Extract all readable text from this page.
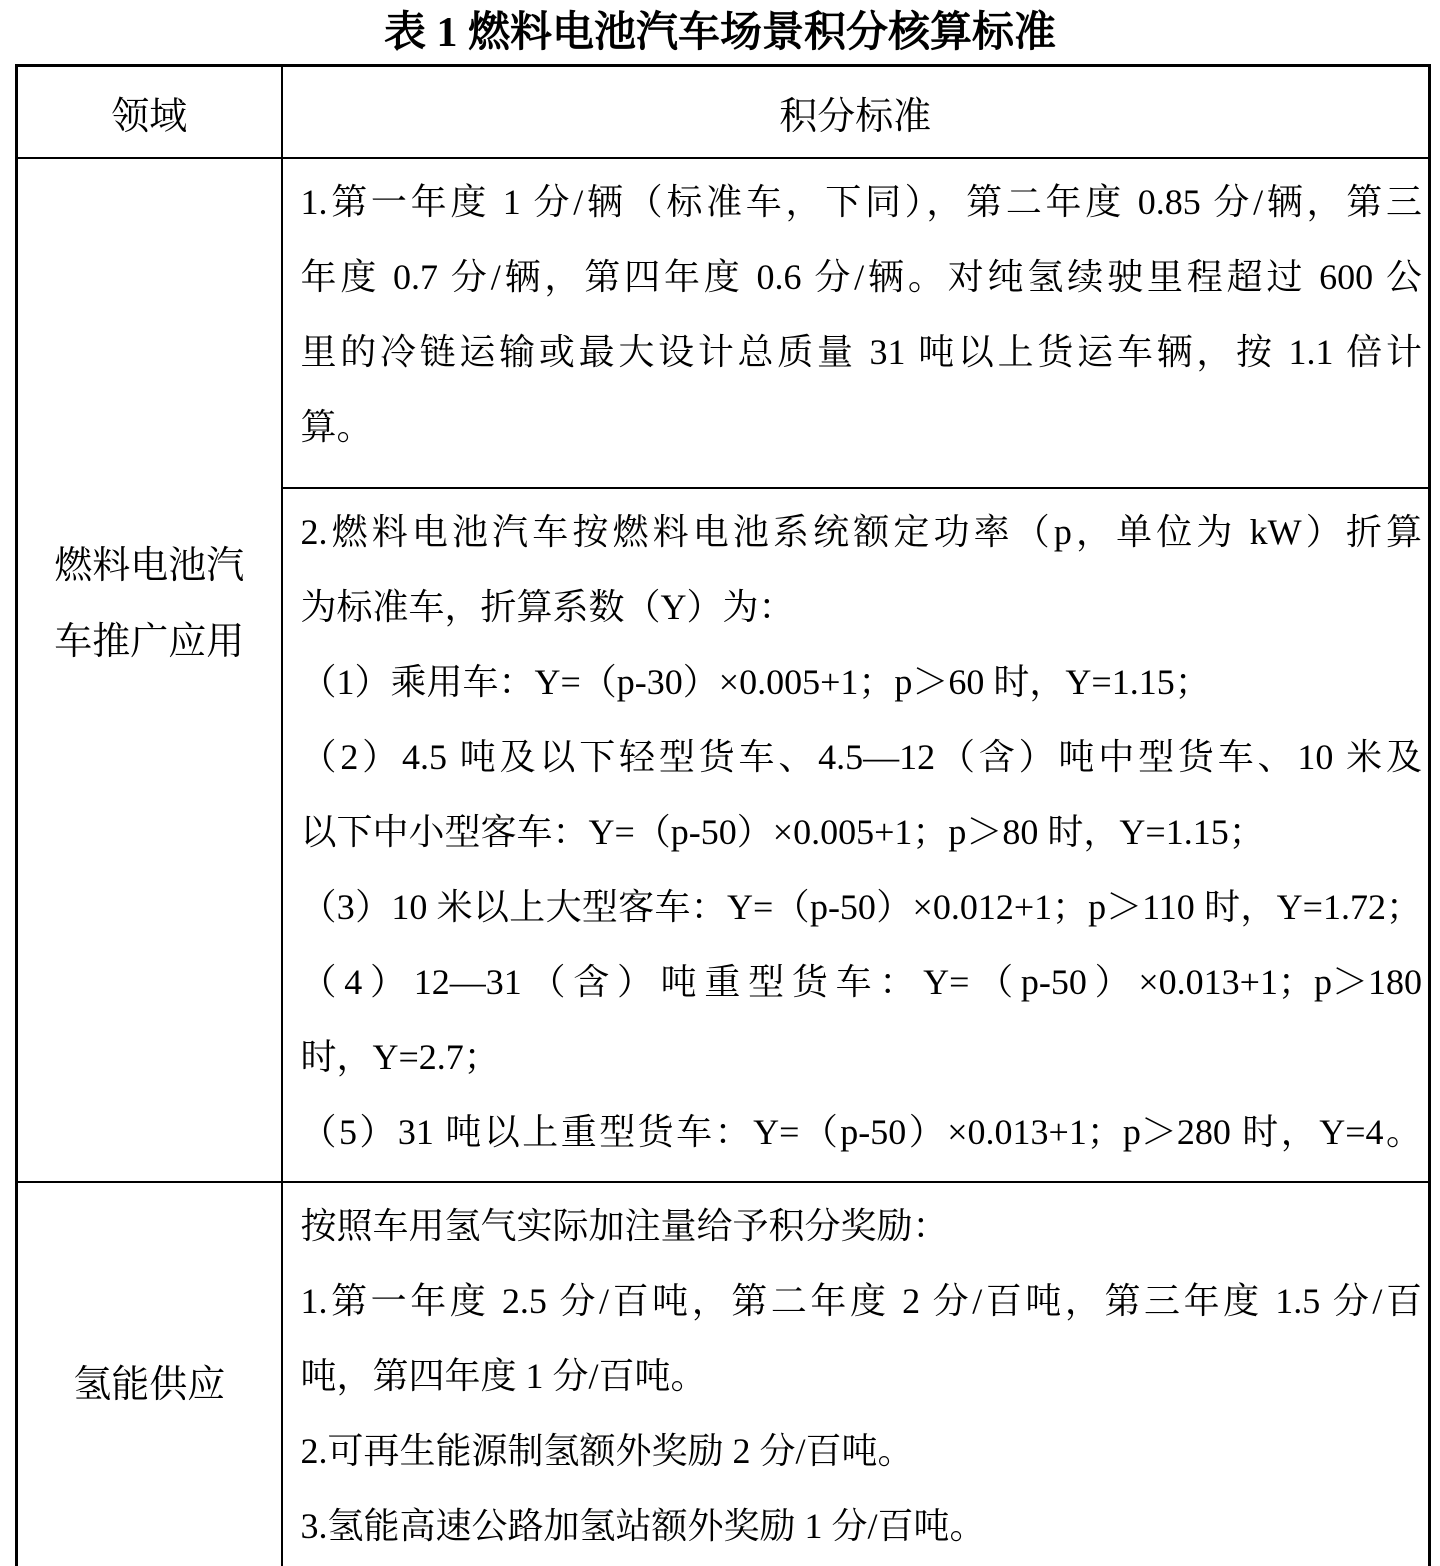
表 1 燃料电池汽车场景积分核算标准
领域	积分标准
燃料电池汽车推广应用	1.第一年度 1 分/辆（标准车，下同），第二年度 0.85 分/辆，第三
年度 0.7 分/辆，第四年度 0.6 分/辆。对纯氢续驶里程超过 600 公
里的冷链运输或最大设计总质量 31 吨以上货运车辆，按 1.1 倍计
算。

2.燃料电池汽车按燃料电池系统额定功率（p，单位为 kW）折算
为标准车，折算系数（Y）为：
（1）乘用车：Y=（p-30）×0.005+1；p＞60 时，Y=1.15；
（2）4.5 吨及以下轻型货车、4.5—12（含）吨中型货车、10 米及
以下中小型客车：Y=（p-50）×0.005+1；p＞80 时，Y=1.15；
（3）10 米以上大型客车：Y=（p-50）×0.012+1；p＞110 时，Y=1.72；
（4）12—31（含）吨重型货车：Y=（p-50）×0.013+1；p＞180
时，Y=2.7；
（5）31 吨以上重型货车：Y=（p-50）×0.013+1；p＞280 时，Y=4。

氢能供应	按照车用氢气实际加注量给予积分奖励：
1.第一年度 2.5 分/百吨，第二年度 2 分/百吨，第三年度 1.5 分/百
吨，第四年度 1 分/百吨。
2.可再生能源制氢额外奖励 2 分/百吨。
3.氢能高速公路加氢站额外奖励 1 分/百吨。
